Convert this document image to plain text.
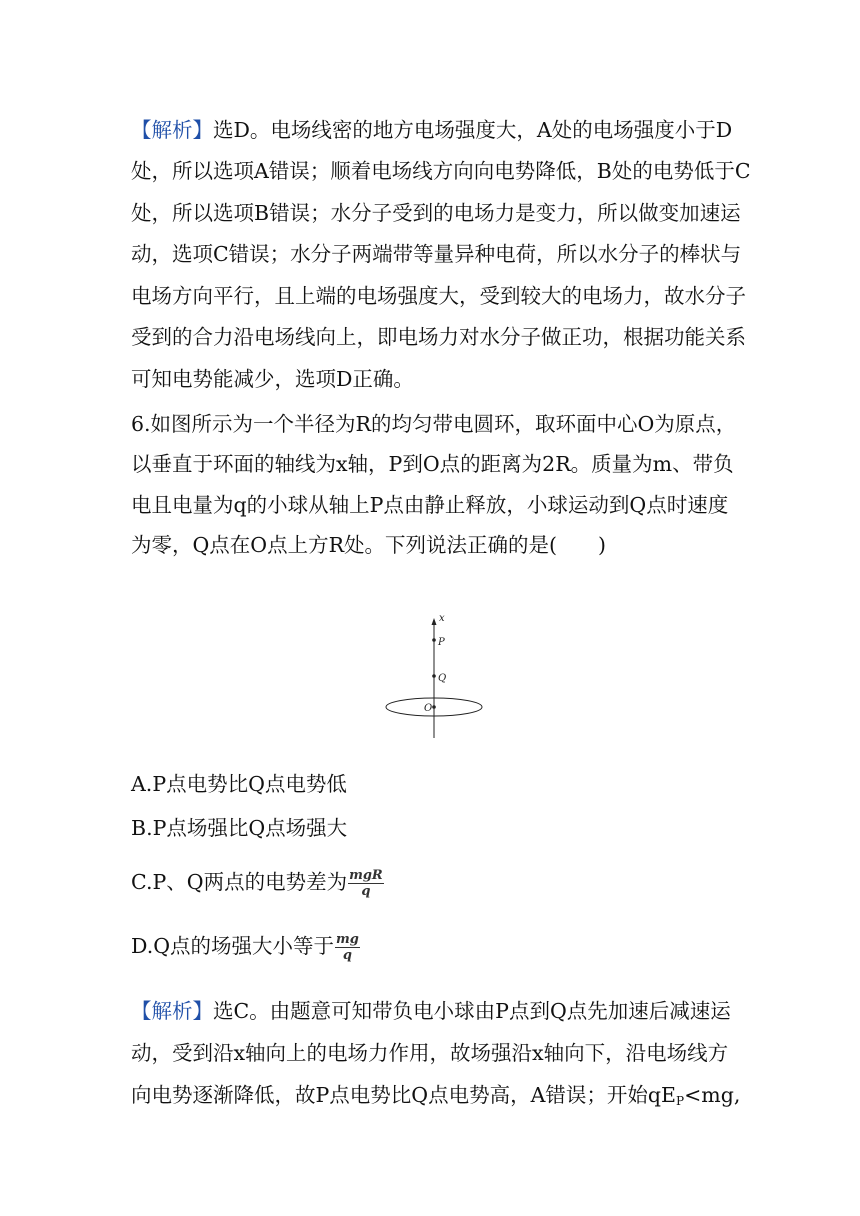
【解析】选D。电场线密的地方电场强度大，A处的电场强度小于D
处，所以选项A错误；顺着电场线方向向电势降低，B处的电势低于C
处，所以选项B错误；水分子受到的电场力是变力，所以做变加速运
动，选项C错误；水分子两端带等量异种电荷，所以水分子的棒状与
电场方向平行，且上端的电场强度大，受到较大的电场力，故水分子
受到的合力沿电场线向上，即电场力对水分子做正功，根据功能关系
可知电势能减少，选项D正确。
6.如图所示为一个半径为R的均匀带电圆环，取环面中心O为原点，
以垂直于环面的轴线为x轴，P到O点的距离为2R。质量为m、带负
电且电量为q的小球从轴上P点由静止释放，小球运动到Q点时速度
为零，Q点在O点上方R处。下列说法正确的是(　　)
x
P
Q
O
A.P点电势比Q点电势低
B.P点场强比Q点场强大
C.P、Q两点的电势差为 $\frac{\text{mgR}}{q}$
D.Q点的场强大小等于 $\frac{mg}{q}$
【解析】选C。由题意可知带负电小球由P点到Q点先加速后减速运
动，受到沿x轴向上的电场力作用，故场强沿x轴向下，沿电场线方
向电势逐渐降低，故P点电势比Q点电势高，A错误；开始$qE_P<mg$,
